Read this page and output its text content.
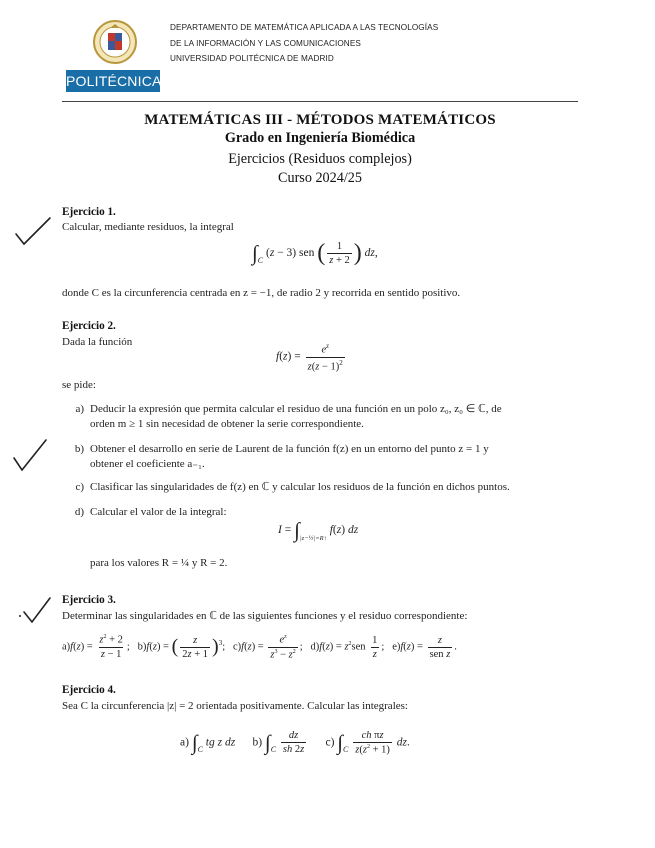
POLITÉCNICA
DEPARTAMENTO DE MATEMÁTICA APLICADA A LAS TECNOLOGÍAS
DE LA INFORMACIÓN Y LAS COMUNICACIONES
UNIVERSIDAD POLITÉCNICA DE MADRID
MATEMÁTICAS III - MÉTODOS MATEMÁTICOS
Grado en Ingeniería Biomédica
Ejercicios (Residuos complejos)
Curso 2024/25
Ejercicio 1.
Calcular, mediante residuos, la integral
$\int_C$ (z − 3) sen ( $\frac{1}{z + 2}$ ) dz,
donde C es la circunferencia centrada en z = −1, de radio 2 y recorrida en sentido positivo.
Ejercicio 2.
Dada la función
$f(z) = \frac{e^z}{z(z - 1)^2}$
se pide:
a) Deducir la expresión que permita calcular el residuo de una función en un polo z₀, z₀ ∈ ℂ, de
orden m ≥ 1 sin necesidad de obtener la serie correspondiente.
b) Obtener el desarrollo en serie de Laurent de la función f(z) en un entorno del punto z = 1 y
obtener el coeficiente a₋₁.
c) Clasificar las singularidades de f(z) en ℂ y calcular los residuos de la función en dichos puntos.
d) Calcular el valor de la integral:
$I = \int_{|z-\frac{1}{2}|=R↑}$ f(z) dz
para los valores R = ¼ y R = 2.
Ejercicio 3.
Determinar las singularidades en ℂ de las siguientes funciones y el residuo correspondiente:
$a)f(z) = \frac{z^2 + 2}{z - 1}$ ;   b)f(z) = ( $\frac{z}{2z + 1} )^3$;   $c)f(z) = \frac{e^z}{z^3 - z^2}$ ;   $d)f(z) = z^2sen \frac{1}{z}$ ;   $e)f(z) = \frac{z}{\text{sen z}}$ .
Ejercicio 4.
Sea C la circunferencia |z| = 2 orientada positivamente. Calcular las integrales:
a) $\int_C$ tg z dz      b) $\int_C \frac{dz}{sh 2z} c$) $\int_C \frac{\text{ch πz}}{z(z^2 + 1)}$ dz.
